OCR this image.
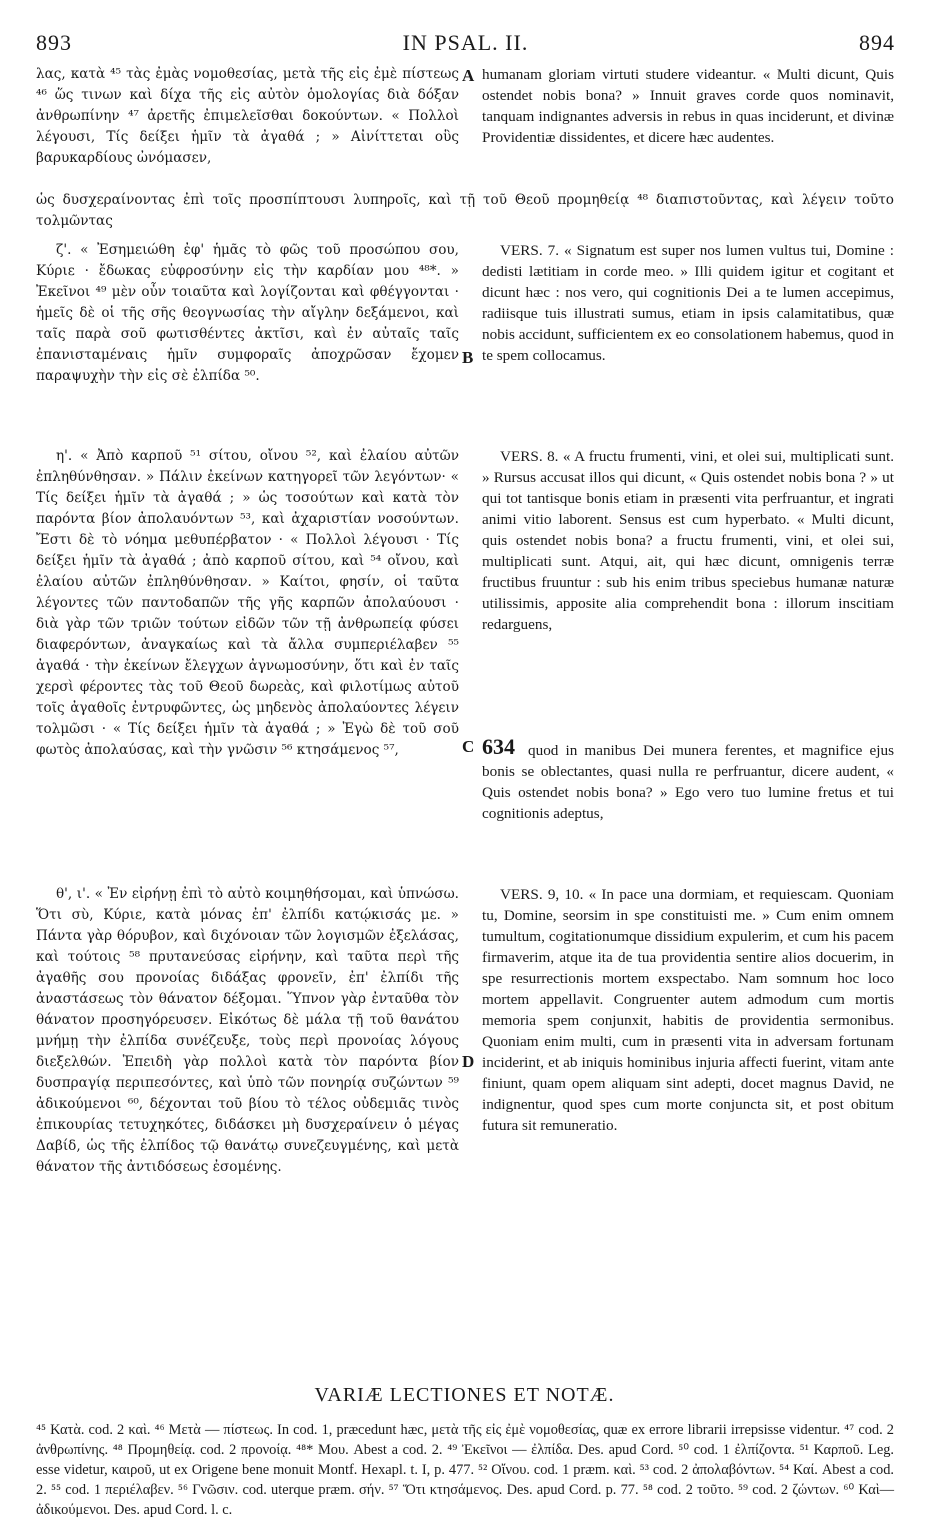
893	IN PSAL. II.	894
λας, κατὰ ⁴⁵ τὰς ἐμὰς νομοθεσίας, μετὰ τῆς εἰς ἐμὲ πίστεως ⁴⁶ ὥς τινων καὶ δίχα τῆς εἰς αὐτὸν ὁμολογίας διὰ δόξαν ἀνθρωπίνην ⁴⁷ ἀρετῆς ἐπιμελεῖσθαι δοκούντων. « Πολλοὶ λέγουσι, Τίς δείξει ἡμῖν τὰ ἀγαθά ; » Αἰνίττεται οὓς βαρυκαρδίους ὠνόμασεν,
ὡς δυσχεραίνοντας ἐπὶ τοῖς προσπίπτουσι λυπηροῖς, καὶ τῇ τοῦ Θεοῦ προμηθείᾳ ⁴⁸ διαπιστοῦντας, καὶ λέγειν τοῦτο τολμῶντας
ζ'. « Ἐσημειώθη ἐφ' ἡμᾶς τὸ φῶς τοῦ προσώπου σου, Κύριε · ἔδωκας εὐφροσύνην εἰς τὴν καρδίαν μου ⁴⁸*. » Ἐκεῖνοι ⁴⁹ μὲν οὖν τοιαῦτα καὶ λογίζονται καὶ φθέγγονται · ἡμεῖς δὲ οἱ τῆς σῆς θεογνωσίας τὴν αἴγλην δεξάμενοι, καὶ ταῖς παρὰ σοῦ φωτισθέντες ἀκτῖσι, καὶ ἐν αὐταῖς ταῖς ἐπανισταμέναις ἡμῖν συμφοραῖς ἀποχρῶσαν ἔχομεν παραψυχὴν τὴν εἰς σὲ ἐλπίδα ⁵⁰.
η'. « Ἀπὸ καρποῦ ⁵¹ σίτου, οἴνου ⁵², καὶ ἐλαίου αὐτῶν ἐπληθύνθησαν. » Πάλιν ἐκείνων κατηγορεῖ τῶν λεγόντων· « Τίς δείξει ἡμῖν τὰ ἀγαθά ; » ὡς τοσούτων καὶ κατὰ τὸν παρόντα βίον ἀπολαυόντων ⁵³, καὶ ἀχαριστίαν νοσούντων. Ἔστι δὲ τὸ νόημα μεθυπέρβατον · « Πολλοὶ λέγουσι · Τίς δείξει ἡμῖν τὰ ἀγαθά ; ἀπὸ καρποῦ σίτου, καὶ ⁵⁴ οἴνου, καὶ ἐλαίου αὐτῶν ἐπληθύνθησαν. » Καίτοι, φησίν, οἱ ταῦτα λέγοντες τῶν παντοδαπῶν τῆς γῆς καρπῶν ἀπολαύουσι · διὰ γὰρ τῶν τριῶν τούτων εἰδῶν τῶν τῇ ἀνθρωπείᾳ φύσει διαφερόντων, ἀναγκαίως καὶ τὰ ἄλλα συμπεριέλαβεν ⁵⁵ ἀγαθά · τὴν ἐκείνων ἔλεγχων ἀγνωμοσύνην, ὅτι καὶ ἐν ταῖς χερσὶ φέροντες τὰς τοῦ Θεοῦ δωρεὰς, καὶ φιλοτίμως αὐτοῦ τοῖς ἀγαθοῖς ἐντρυφῶντες, ὡς μηδενὸς ἀπολαύοντες λέγειν τολμῶσι · « Τίς δείξει ἡμῖν τὰ ἀγαθά ; » Ἐγὼ δὲ τοῦ σοῦ φωτὸς ἀπολαύσας, καὶ τὴν γνῶσιν ⁵⁶ κτησάμενος ⁵⁷,
θ', ι'. « Ἐν εἰρήνῃ ἐπὶ τὸ αὐτὸ κοιμηθήσομαι, καὶ ὑπνώσω. Ὅτι σὺ, Κύριε, κατὰ μόνας ἐπ' ἐλπίδι κατῴκισάς με. » Πάντα γὰρ θόρυβον, καὶ διχόνοιαν τῶν λογισμῶν ἐξελάσας, καὶ τούτοις ⁵⁸ πρυτανεύσας εἰρήνην, καὶ ταῦτα περὶ τῆς ἀγαθῆς σου προνοίας διδάξας φρονεῖν, ἐπ' ἐλπίδι τῆς ἀναστάσεως τὸν θάνατον δέξομαι. Ὕπνον γὰρ ἐνταῦθα τὸν θάνατον προσηγόρευσεν. Εἰκότως δὲ μάλα τῇ τοῦ θανάτου μνήμῃ τὴν ἐλπίδα συνέζευξε, τοὺς περὶ προνοίας λόγους διεξελθών. Ἐπειδὴ γὰρ πολλοὶ κατὰ τὸν παρόντα βίον δυσπραγίᾳ περιπεσόντες, καὶ ὑπὸ τῶν πονηρίᾳ συζώντων ⁵⁹ ἀδικούμενοι ⁶⁰, δέχονται τοῦ βίου τὸ τέλος οὐδεμιᾶς τινὸς ἐπικουρίας τετυχηκότες, διδάσκει μὴ δυσχεραίνειν ὁ μέγας Δαβίδ, ὡς τῆς ἐλπίδος τῷ θανάτῳ συνεζευγμένης, καὶ μετὰ θάνατον τῆς ἀντιδόσεως ἐσομένης.
humanam gloriam virtuti studere videantur. « Multi dicunt, Quis ostendet nobis bona? » Innuit graves corde quos nominavit, tanquam indignantes adversis in rebus in quas inciderunt, et divinæ Providentiæ dissidentes, et dicere hæc audentes.
VERS. 7. « Signatum est super nos lumen vultus tui, Domine : dedisti lætitiam in corde meo. » Illi quidem igitur et cogitant et dicunt hæc : nos vero, qui cognitionis Dei a te lumen accepimus, radiisque tuis illustrati sumus, etiam in ipsis calamitatibus, quæ nobis accidunt, sufficientem ex eo consolationem habemus, quod in te spem collocamus.
VERS. 8. « A fructu frumenti, vini, et olei sui, multiplicati sunt. » Rursus accusat illos qui dicunt, « Quis ostendet nobis bona ? » ut qui tot tantisque bonis etiam in præsenti vita perfruantur, et ingrati animi vitio laborent. Sensus est cum hyperbato. « Multi dicunt, quis ostendet nobis bona? a fructu frumenti, vini, et olei sui, multiplicati sunt. Atqui, ait, qui hæc dicunt, omnigenis terræ fructibus fruuntur : sub his enim tribus speciebus humanæ naturæ utilissimis, apposite alia comprehendit bona : illorum inscitiam redarguens,
quod in manibus Dei munera ferentes, et magnifice ejus bonis se oblectantes, quasi nulla re perfruantur, dicere audent, « Quis ostendet nobis bona? » Ego vero tuo lumine fretus et tui cognitionis adeptus,
VERS. 9, 10. « In pace una dormiam, et requiescam. Quoniam tu, Domine, seorsim in spe constituisti me. » Cum enim omnem tumultum, cogitationumque dissidium expulerim, et cum his pacem firmaverim, atque ita de tua providentia sentire alios docuerim, in spe resurrectionis mortem exspectabo. Nam somnum hoc loco mortem appellavit. Congruenter autem admodum cum mortis memoria spem conjunxit, habitis de providentia sermonibus. Quoniam enim multi, cum in præsenti vita in adversam fortunam inciderint, et ab iniquis hominibus injuria affecti fuerint, vitam ante finiunt, quam opem aliquam sint adepti, docet magnus David, ne indignentur, quod spes cum morte conjuncta sit, et post obitum futura sit remuneratio.
A
B
C
D
634
VARIÆ LECTIONES ET NOTÆ.
⁴⁵ Κατὰ. cod. 2 καὶ. ⁴⁶ Μετὰ — πίστεως. In cod. 1, præcedunt hæc, μετὰ τῆς εἰς ἐμὲ νομοθεσίας, quæ ex errore librarii irrepsisse videntur. ⁴⁷ cod. 2 ἀνθρωπίνης. ⁴⁸ Προμηθείᾳ. cod. 2 προνοίᾳ. ⁴⁸* Μου. Abest a cod. 2. ⁴⁹ Ἐκεῖνοι — ἐλπίδα. Des. apud Cord. ⁵⁰ cod. 1 ἐλπίζοντα. ⁵¹ Καρποῦ. Leg. esse videtur, καιροῦ, ut ex Origene bene monuit Montf. Hexapl. t. I, p. 477. ⁵² Οἴνου. cod. 1 præm. καὶ. ⁵³ cod. 2 ἀπολαβόντων. ⁵⁴ Καί. Abest a cod. 2. ⁵⁵ cod. 1 περιέλαβεν. ⁵⁶ Γνῶσιν. cod. uterque præm. σήν. ⁵⁷ Ὅτι κτησάμενος. Des. apud Cord. p. 77. ⁵⁸ cod. 2 τοῦτο. ⁵⁹ cod. 2 ζώντων. ⁶⁰ Καὶ—ἀδικούμενοι. Des. apud Cord. l. c.
